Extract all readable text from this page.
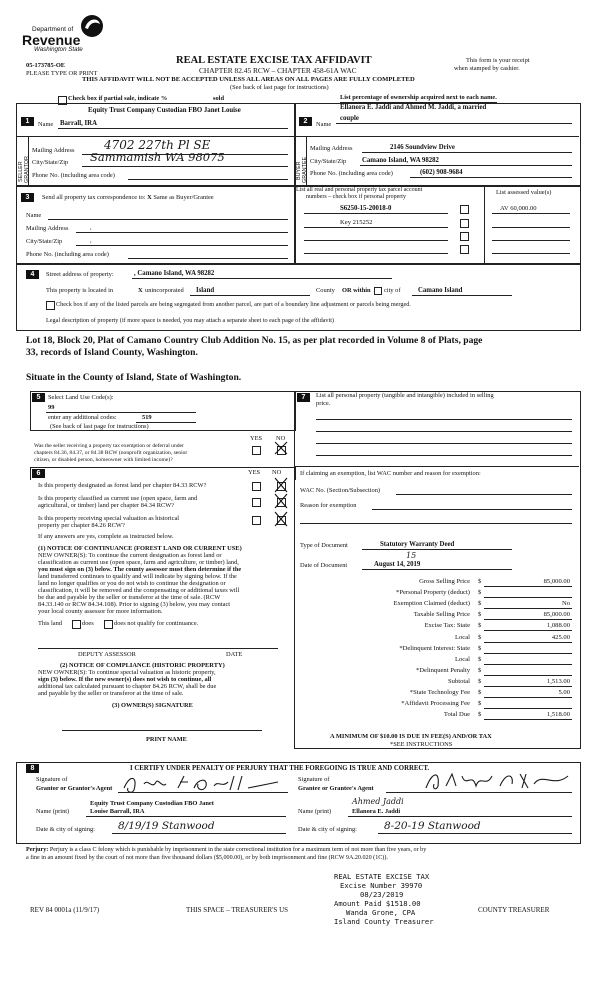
Department of
Revenue
Washington State
05-173785-OE
PLEASE TYPE OR PRINT
REAL ESTATE EXCISE TAX AFFIDAVIT
CHAPTER 82.45 RCW – CHAPTER 458-61A WAC
THIS AFFIDAVIT WILL NOT BE ACCEPTED UNLESS ALL AREAS ON ALL PAGES ARE FULLY COMPLETED
(See back of last page for instructions)
This form is your receipt
when stamped by cashier.
Check box if partial sale, indicate %	sold	List percentage of ownership acquired next to each name.
SELLER GRANTOR	BUYER GRANTEE
1	Name
Equity Trust Company Custodian FBO Janet Louise
Barrall, IRA
Mailing Address 4702 227th Pl SE
City/State/Zip Sammamish WA 98075
Phone No. (including area code)
2	Name
Ellanora E. Jaddi and Ahmed M. Jaddi, a married
couple
Mailing Address	2146 Soundview Drive
City/State/Zip Camano Island, WA 98282
Phone No. (including area code)	(602) 908-9684
3	Send all property tax correspondence to: X Same as Buyer/Grantee
Name
Mailing Address	,
City/State/Zip	,
Phone No. (including area code)
List all real and personal property tax parcel account
numbers – check box if personal property
List assessed value(s)
S6250-15-20018-0	AV 60,000.00
Key 215252
4	Street address of property:	, Camano Island, WA 98282
This property is located in	X unincorporated Island	County OR within city of	Camano Island
Check box if any of the listed parcels are being segregated from another parcel, are part of a boundary line adjustment or parcels being merged.
Legal description of property (if more space is needed, you may attach a separate sheet to each page of the affidavit)
Lot 18, Block 20, Plat of Camano Country Club Addition No. 15, as per plat recorded in Volume 8 of Plats, page
33, records of Island County, Washington.
Situate in the County of Island, State of Washington.
5	Select Land Use Code(s):
99
enter any additional codes:	519
(See back of last page for instructions)
YES NO
Was the seller receiving a property tax exemption or deferral under
chapters 84.36, 84.37, or 84.38 RCW (nonprofit organization, senior
citizen, or disabled person, homeowner with limited income)?
6	YES NO
Is this property designated as forest land per chapter 84.33 RCW?
Is this property classified as current use (open space, farm and
agricultural, or timber) land per chapter 84.34 RCW?
Is this property receiving special valuation as historical
property per chapter 84.26 RCW?
If any answers are yes, complete as instructed below.
(1) NOTICE OF CONTINUANCE (FOREST LAND OR CURRENT USE)
NEW OWNER(S): To continue the current designation as forest land or
classification as current use (open space, farm and agriculture, or timber) land,
you must sign on (3) below. The county assessor must then determine if the
land transferred continues to qualify and will indicate by signing below. If the
land no longer qualifies or you do not wish to continue the designation or
classification, it will be removed and the compensating or additional taxes will
be due and payable by the seller or transferor at the time of sale. (RCW
84.33.140 or RCW 84.34.108). Prior to signing (3) below, you may contact
your local county assessor for more information.
This land	does	does not qualify for continuance.
DEPUTY ASSESSOR	DATE
(2) NOTICE OF COMPLIANCE (HISTORIC PROPERTY)
NEW OWNER(S): To continue special valuation as historic property,
sign (3) below. If the new owner(s) does not wish to continue, all
additional tax calculated pursuant to chapter 84.26 RCW, shall be due
and payable by the seller or transferor at the time of sale.
(3) OWNER(S) SIGNATURE
PRINT NAME
7	List all personal property (tangible and intangible) included in selling
price.
If claiming an exemption, list WAC number and reason for exemption:
WAC No. (Section/Subsection)
Reason for exemption
Type of Document	Statutory Warranty Deed
Date of Document	August 14, 2019
15
Gross Selling Price $	85,000.00
*Personal Property (deduct) $
Exemption Claimed (deduct) $	No
Taxable Selling Price $	85,000.00
Excise Tax: State $	1,088.00
Local $	425.00
*Delinquent Interest: State $
Local $
*Delinquent Penalty $
Subtotal $	1,513.00
*State Technology Fee $	5.00
*Affidavit Processing Fee $
Total Due $	1,518.00
A MINIMUM OF $10.00 IS DUE IN FEE(S) AND/OR TAX
*SEE INSTRUCTIONS
8	I CERTIFY UNDER PENALTY OF PERJURY THAT THE FOREGOING IS TRUE AND CORRECT.
Signature of
Grantor or Grantor's Agent
Signature of
Grantee or Grantee's Agent
Equity Trust Company Custodian FBO Janet
Name (print)	Louise Barrall, IRA
Ahmed Jaddi
Name (print)	Ellanora E. Jaddi
Date & city of signing: 8/19/19 Stanwood	Date & city of signing:	8-20-19 Stanwood
Perjury: Perjury is a class C felony which is punishable by imprisonment in the state correctional institution for a maximum term of not more than five years, or by
a fine in an amount fixed by the court of not more than five thousand dollars ($5,000.00), or by both imprisonment and fine (RCW 9A.20.020 (1C)).
REAL ESTATE EXCISE TAX
Excise Number 39970
08/23/2019
Amount Paid $1518.00
Wanda Grone, CPA
Island County Treasurer
REV 84 0001a (11/9/17)	THIS SPACE – TREASURER'S US	COUNTY TREASURER
